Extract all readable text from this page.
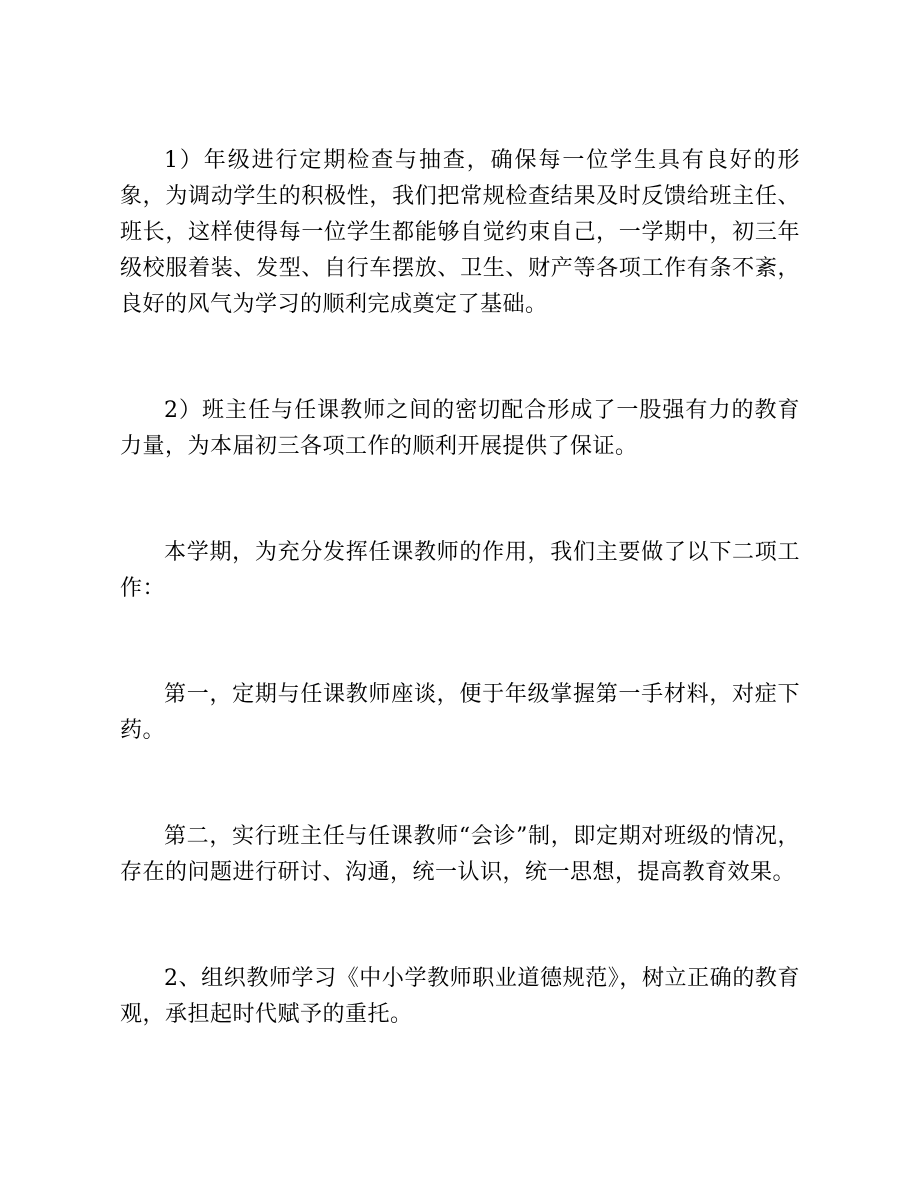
1）年级进行定期检查与抽查，确保每一位学生具有良好的形象，为调动学生的积极性，我们把常规检查结果及时反馈给班主任、班长，这样使得每一位学生都能够自觉约束自己，一学期中，初三年级校服着装、发型、自行车摆放、卫生、财产等各项工作有条不紊，良好的风气为学习的顺利完成奠定了基础。

2）班主任与任课教师之间的密切配合形成了一股强有力的教育力量，为本届初三各项工作的顺利开展提供了保证。

本学期，为充分发挥任课教师的作用，我们主要做了以下二项工作：

第一，定期与任课教师座谈，便于年级掌握第一手材料，对症下药。

第二，实行班主任与任课教师“会诊”制，即定期对班级的情况，存在的问题进行研讨、沟通，统一认识，统一思想，提高教育效果。

2、组织教师学习《中小学教师职业道德规范》，树立正确的教育观，承担起时代赋予的重托。
